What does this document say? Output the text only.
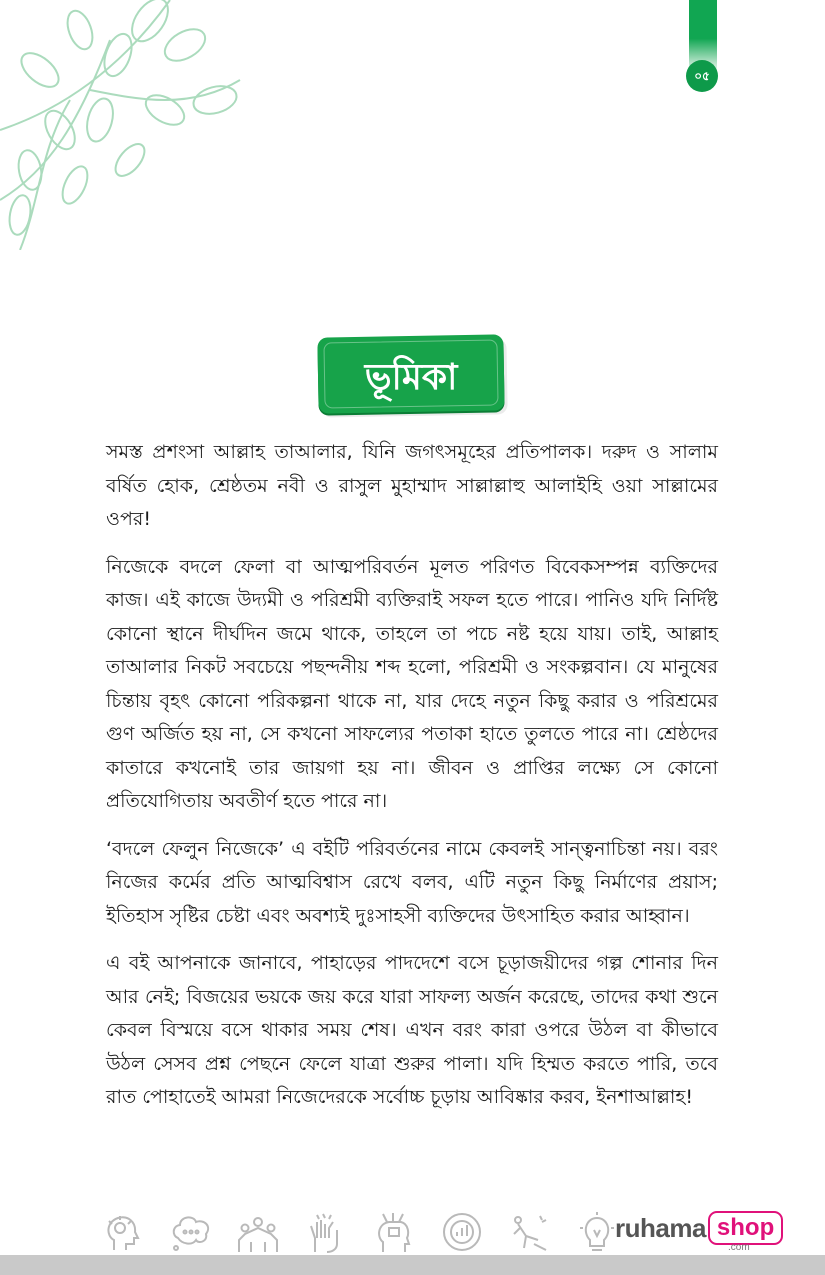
০৫
ভূমিকা

সমস্ত প্রশংসা আল্লাহ তাআলার, যিনি জগৎসমূহের প্রতিপালক। দরুদ ও সালাম বর্ষিত হোক, শ্রেষ্ঠতম নবী ও রাসুল মুহাম্মাদ সাল্লাল্লাহু আলাইহি ওয়া সাল্লামের ওপর!

নিজেকে বদলে ফেলা বা আত্মপরিবর্তন মূলত পরিণত বিবেকসম্পন্ন ব্যক্তিদের কাজ। এই কাজে উদ্যমী ও পরিশ্রমী ব্যক্তিরাই সফল হতে পারে। পানিও যদি নির্দিষ্ট কোনো স্থানে দীর্ঘদিন জমে থাকে, তাহলে তা পচে নষ্ট হয়ে যায়। তাই, আল্লাহ তাআলার নিকট সবচেয়ে পছন্দনীয় শব্দ হলো, পরিশ্রমী ও সংকল্পবান। যে মানুষের চিন্তায় বৃহৎ কোনো পরিকল্পনা থাকে না, যার দেহে নতুন কিছু করার ও পরিশ্রমের গুণ অর্জিত হয় না, সে কখনো সাফল্যের পতাকা হাতে তুলতে পারে না। শ্রেষ্ঠদের কাতারে কখনোই তার জায়গা হয় না। জীবন ও প্রাপ্তির লক্ষ্যে সে কোনো প্রতিযোগিতায় অবতীর্ণ হতে পারে না।

‘বদলে ফেলুন নিজেকে’ এ বইটি পরিবর্তনের নামে কেবলই সান্ত্বনাচিন্তা নয়। বরং নিজের কর্মের প্রতি আত্মবিশ্বাস রেখে বলব, এটি নতুন কিছু নির্মাণের প্রয়াস; ইতিহাস সৃষ্টির চেষ্টা এবং অবশ্যই দুঃসাহসী ব্যক্তিদের উৎসাহিত করার আহ্বান।

এ বই আপনাকে জানাবে, পাহাড়ের পাদদেশে বসে চূড়াজয়ীদের গল্প শোনার দিন আর নেই; বিজয়ের ভয়কে জয় করে যারা সাফল্য অর্জন করেছে, তাদের কথা শুনে কেবল বিস্ময়ে বসে থাকার সময় শেষ। এখন বরং কারা ওপরে উঠল বা কীভাবে উঠল সেসব প্রশ্ন পেছনে ফেলে যাত্রা শুরুর পালা। যদি হিম্মত করতে পারি, তবে রাত পোহাতেই আমরা নিজেদেরকে সর্বোচ্চ চূড়ায় আবিষ্কার করব, ইনশাআল্লাহ!

ruhama shop
.com
